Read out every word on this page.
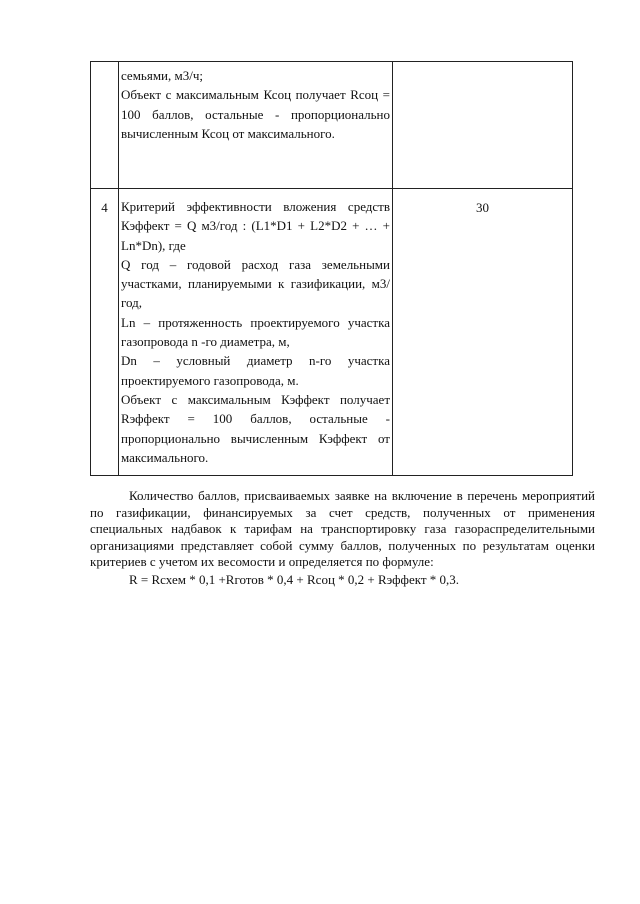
	семьями, м3/ч;

Объект с максимальным Ксоц получает Rсоц = 100 баллов, остальные - пропорционально вычисленным Ксоц от максимального.	

4	Критерий эффективности вложения средств Кэффект = Q м3/год : (L1*D1 + L2*D2 + … + Ln*Dn), где

Q год – годовой расход газа земельными участками, планируемыми к газификации, м3/год,

Ln – протяженность проектируемого участка газопровода n -го диаметра, м,

Dn – условный диаметр n-го участка проектируемого газопровода, м.

Объект с максимальным Кэффект получает Rэффект = 100 баллов, остальные - пропорционально вычисленным Кэффект от максимального.	30

Количество баллов, присваиваемых заявке на включение в перечень мероприятий по газификации, финансируемых за счет средств, полученных от применения специальных надбавок к тарифам на транспортировку газа газораспределительными организациями представляет собой сумму баллов, полученных по результатам оценки критериев с учетом их весомости и определяется по формуле:

R = Rсхем * 0,1 +Rготов * 0,4 + Rсоц * 0,2 + Rэффект * 0,3.
